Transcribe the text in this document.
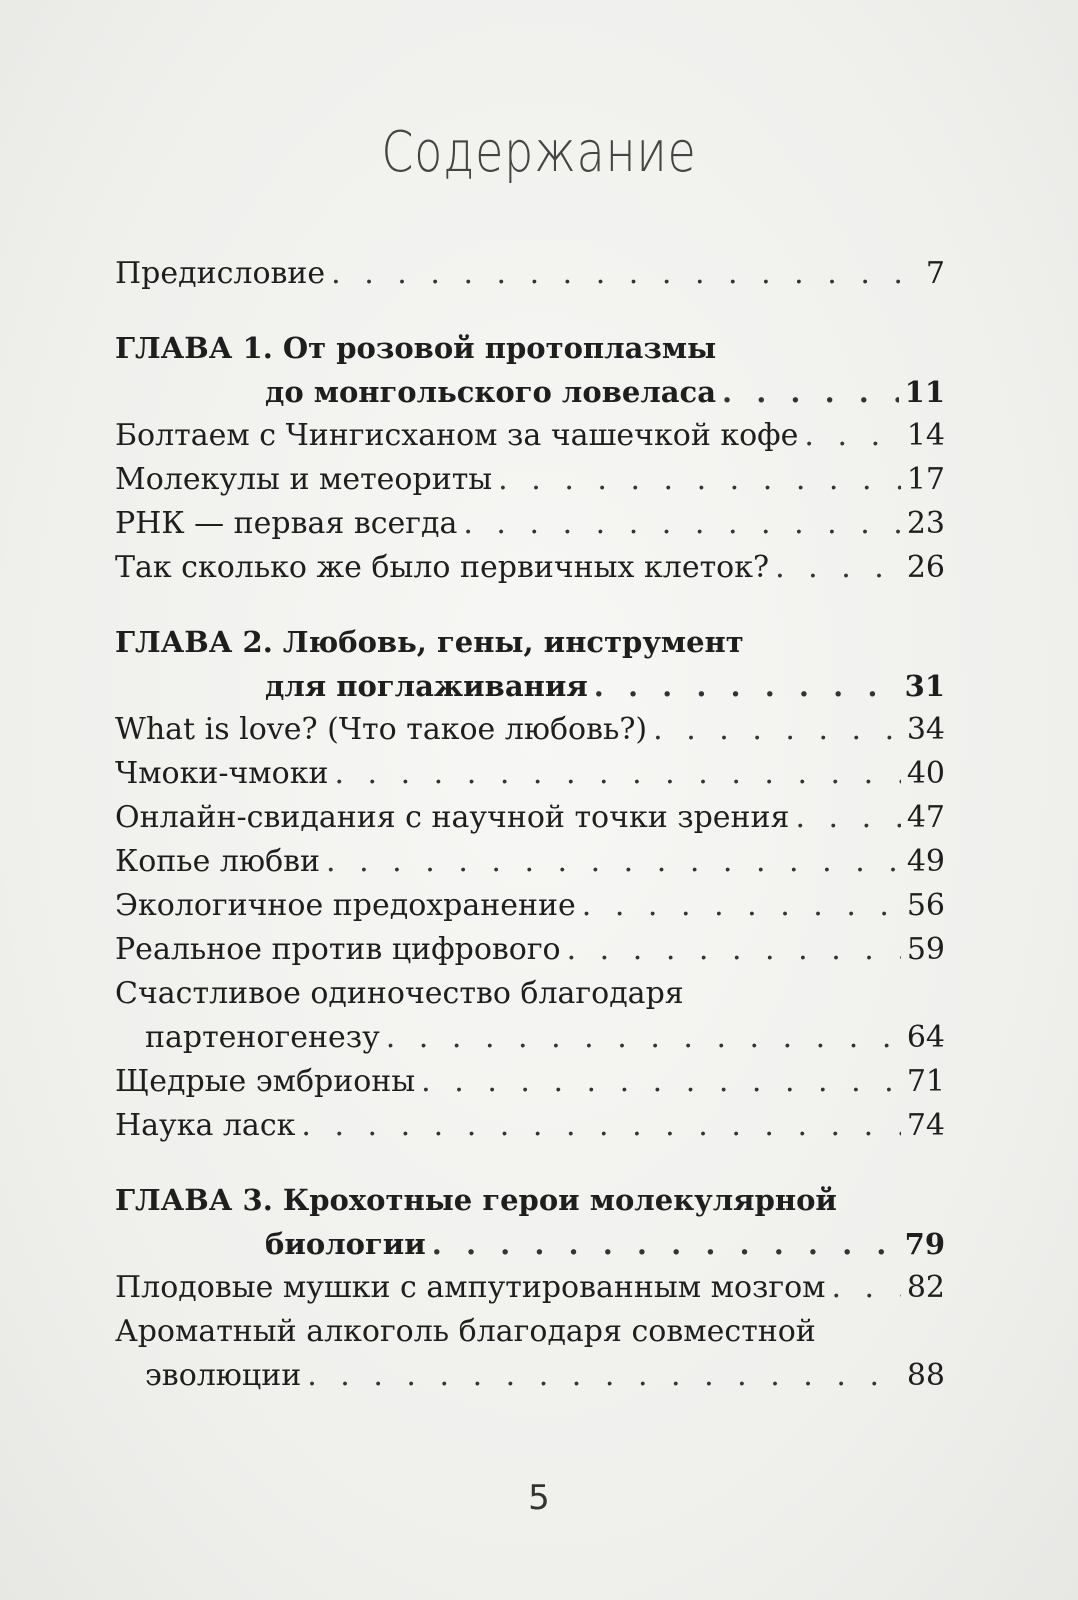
Содержание
Предисловие . . .	7
ГЛАВА 1. От розовой протоплазмы
до монгольского ловеласа . . .	11
Болтаем с Чингисханом за чашечкой кофе . . .	14
Молекулы и метеориты . . .	17
РНК — первая всегда . . .	23
Так сколько же было первичных клеток? . . .	26
ГЛАВА 2. Любовь, гены, инструмент
для поглаживания . . .	31
What is love? (Что такое любовь?) . . .	34
Чмоки-чмоки . . .	40
Онлайн-свидания с научной точки зрения . . .	47
Копье любви . . .	49
Экологичное предохранение . . .	56
Реальное против цифрового . . .	59
Счастливое одиночество благодаря
партеногенезу . . .	64
Щедрые эмбрионы . . .	71
Наука ласк . . .	74
ГЛАВА 3. Крохотные герои молекулярной
биологии . . .	79
Плодовые мушки с ампутированным мозгом . . .	82
Ароматный алкоголь благодаря совместной
эволюции . . .	88
5
